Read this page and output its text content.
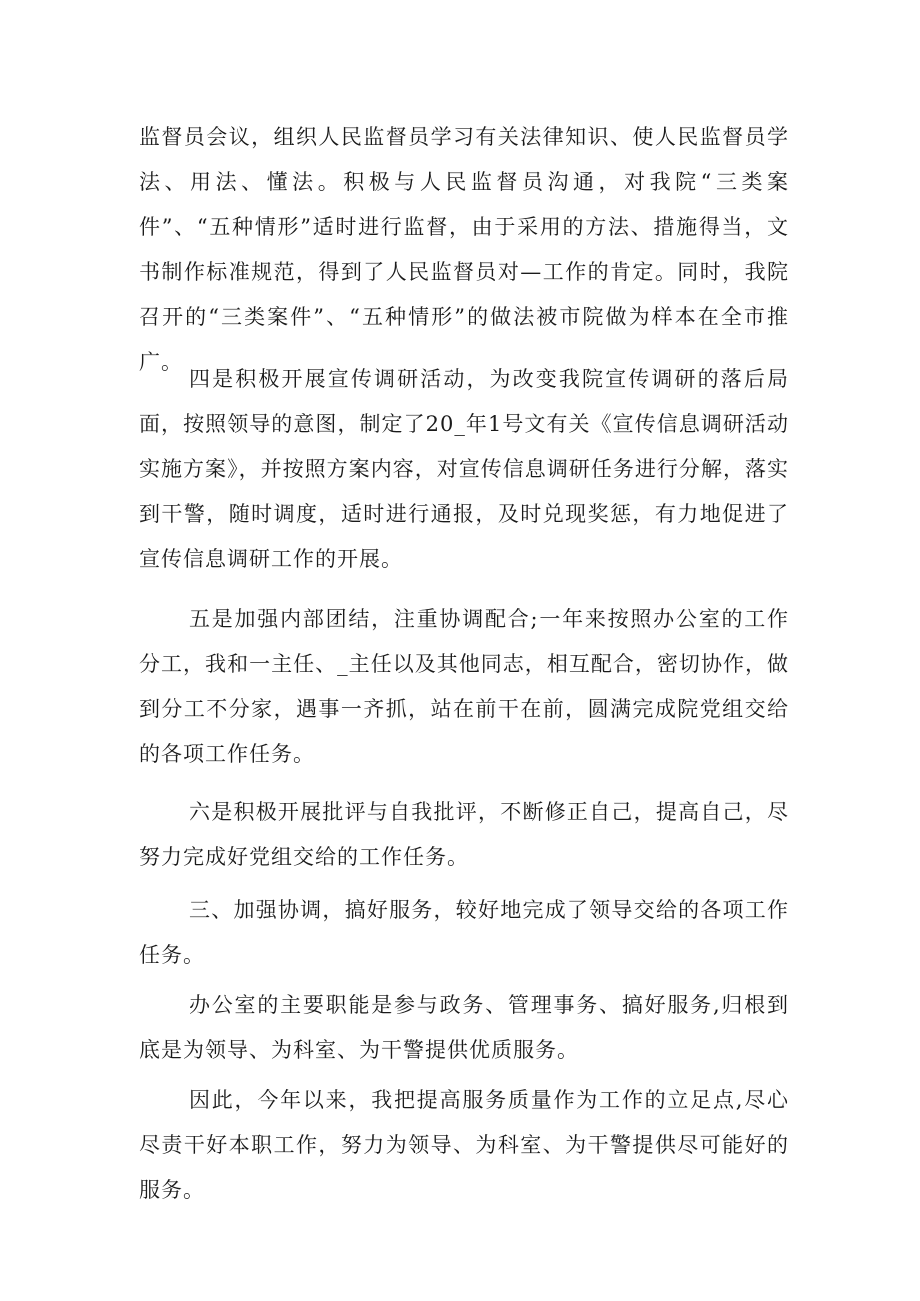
监督员会议，组织人民监督员学习有关法律知识、使人民监督员学法、用法、懂法。积极与人民监督员沟通，对我院“三类案件”、“五种情形”适时进行监督，由于采用的方法、措施得当，文书制作标准规范，得到了人民监督员对—工作的肯定。同时，我院召开的“三类案件”、“五种情形”的做法被市院做为样本在全市推广。

四是积极开展宣传调研活动，为改变我院宣传调研的落后局面，按照领导的意图，制定了20_年1号文有关《宣传信息调研活动实施方案》，并按照方案内容，对宣传信息调研任务进行分解，落实到干警，随时调度，适时进行通报，及时兑现奖惩，有力地促进了宣传信息调研工作的开展。

五是加强内部团结，注重协调配合;一年来按照办公室的工作分工，我和一主任、_主任以及其他同志，相互配合，密切协作，做到分工不分家，遇事一齐抓，站在前干在前，圆满完成院党组交给的各项工作任务。

六是积极开展批评与自我批评，不断修正自己，提高自己，尽努力完成好党组交给的工作任务。

三、加强协调，搞好服务，较好地完成了领导交给的各项工作任务。

办公室的主要职能是参与政务、管理事务、搞好服务,归根到底是为领导、为科室、为干警提供优质服务。

因此，今年以来，我把提高服务质量作为工作的立足点,尽心尽责干好本职工作，努力为领导、为科室、为干警提供尽可能好的服务。
